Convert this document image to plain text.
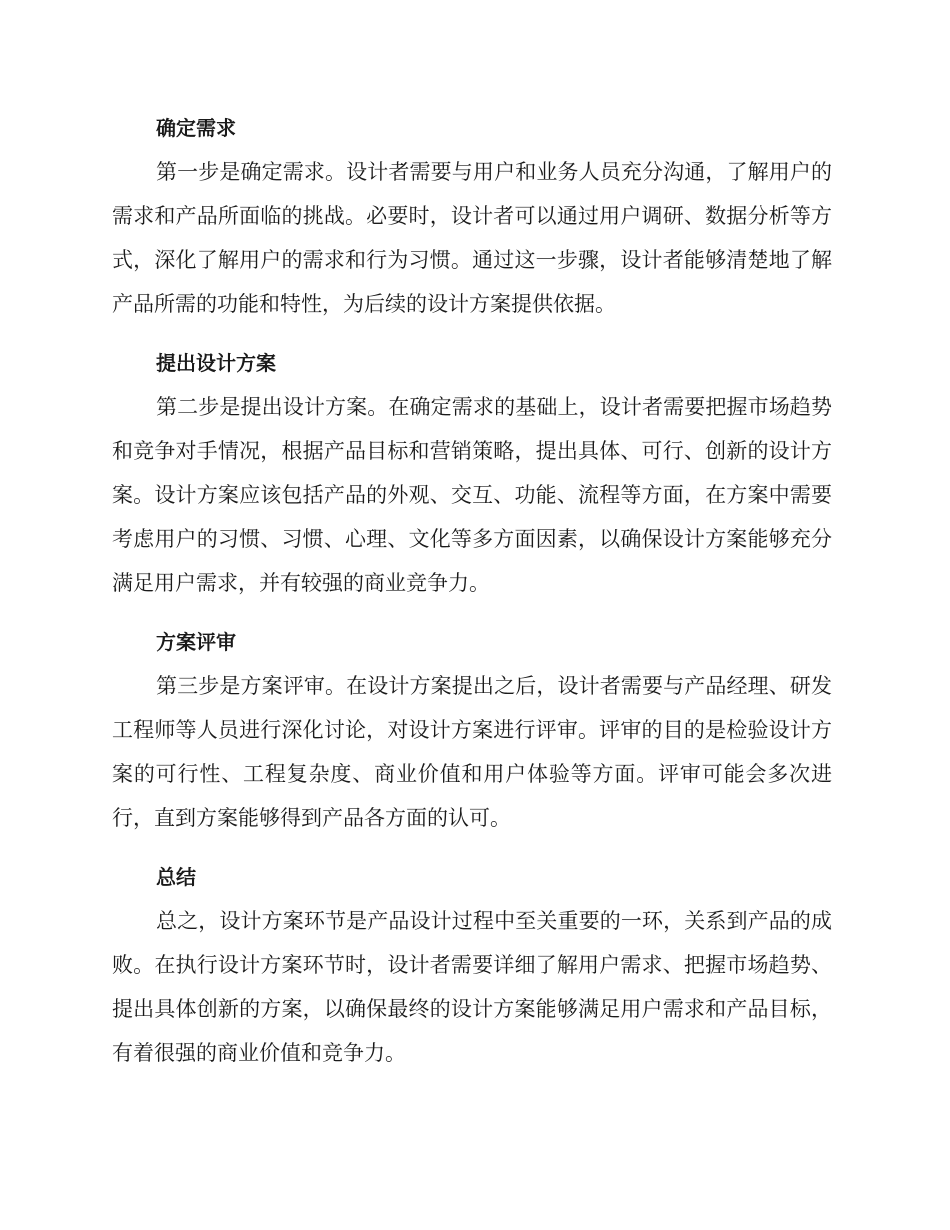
确定需求

第一步是确定需求。设计者需要与用户和业务人员充分沟通，了解用户的需求和产品所面临的挑战。必要时，设计者可以通过用户调研、数据分析等方式，深化了解用户的需求和行为习惯。通过这一步骤，设计者能够清楚地了解产品所需的功能和特性，为后续的设计方案提供依据。

提出设计方案

第二步是提出设计方案。在确定需求的基础上，设计者需要把握市场趋势和竞争对手情况，根据产品目标和营销策略，提出具体、可行、创新的设计方案。设计方案应该包括产品的外观、交互、功能、流程等方面，在方案中需要考虑用户的习惯、习惯、心理、文化等多方面因素，以确保设计方案能够充分满足用户需求，并有较强的商业竞争力。

方案评审

第三步是方案评审。在设计方案提出之后，设计者需要与产品经理、研发工程师等人员进行深化讨论，对设计方案进行评审。评审的目的是检验设计方案的可行性、工程复杂度、商业价值和用户体验等方面。评审可能会多次进行，直到方案能够得到产品各方面的认可。

总结

总之，设计方案环节是产品设计过程中至关重要的一环，关系到产品的成败。在执行设计方案环节时，设计者需要详细了解用户需求、把握市场趋势、提出具体创新的方案，以确保最终的设计方案能够满足用户需求和产品目标，有着很强的商业价值和竞争力。
